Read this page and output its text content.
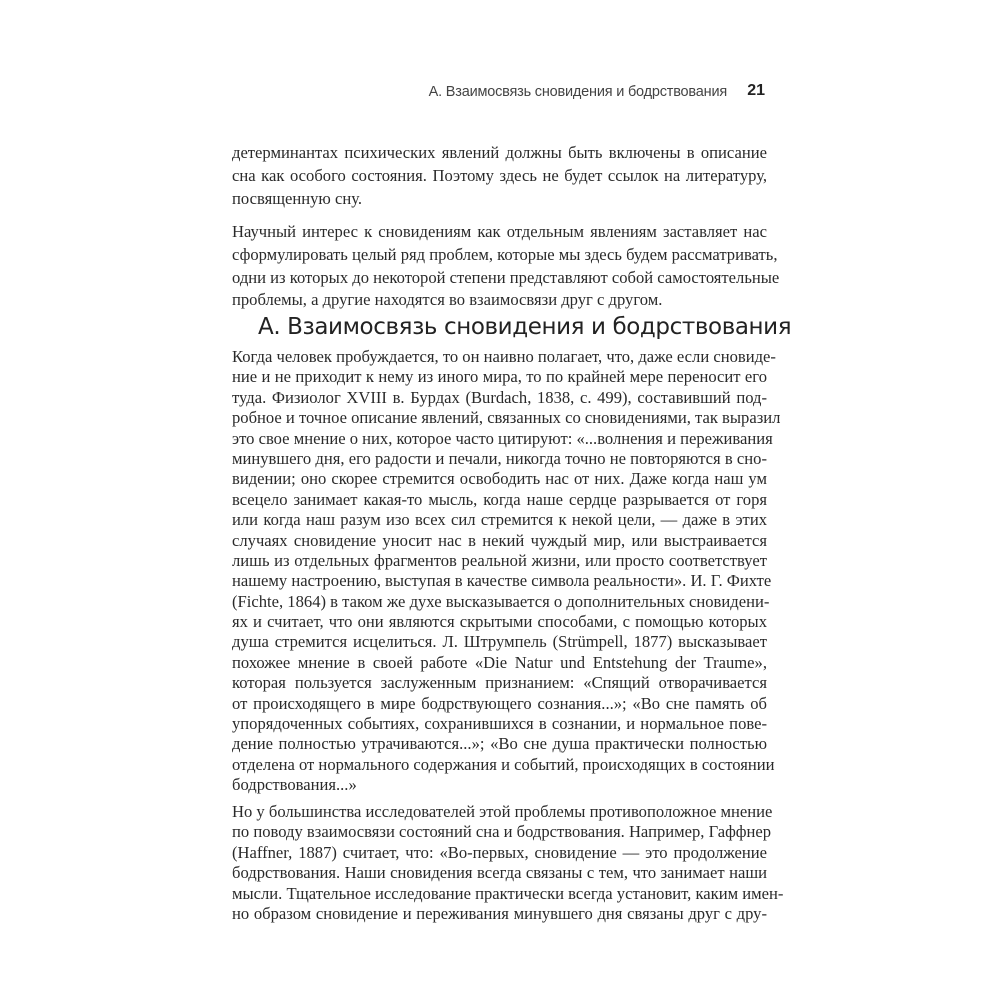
А. Взаимосвязь сновидения и бодрствования 21
детерминантах психических явлений должны быть включены в описание
сна как особого состояния. Поэтому здесь не будет ссылок на литературу,
посвященную сну.
Научный интерес к сновидениям как отдельным явлениям заставляет нас
сформулировать целый ряд проблем, которые мы здесь будем рассматривать,
одни из которых до некоторой степени представляют собой самостоятельные
проблемы, а другие находятся во взаимосвязи друг с другом.
А. Взаимосвязь сновидения и бодрствования
Когда человек пробуждается, то он наивно полагает, что, даже если сновиде-
ние и не приходит к нему из иного мира, то по крайней мере переносит его
туда. Физиолог XVIII в. Бурдах (Burdach, 1838, с. 499), составивший под-
робное и точное описание явлений, связанных со сновидениями, так выразил
это свое мнение о них, которое часто цитируют: «...волнения и переживания
минувшего дня, его радости и печали, никогда точно не повторяются в сно-
видении; оно скорее стремится освободить нас от них. Даже когда наш ум
всецело занимает какая-то мысль, когда наше сердце разрывается от горя
или когда наш разум изо всех сил стремится к некой цели, — даже в этих
случаях сновидение уносит нас в некий чуждый мир, или выстраивается
лишь из отдельных фрагментов реальной жизни, или просто соответствует
нашему настроению, выступая в качестве символа реальности». И. Г. Фихте
(Fichte, 1864) в таком же духе высказывается о дополнительных сновидени-
ях и считает, что они являются скрытыми способами, с помощью которых
душа стремится исцелиться. Л. Штрумпель (Strümpell, 1877) высказывает
похожее мнение в своей работе «Die Natur und Entstehung der Traume»,
которая пользуется заслуженным признанием: «Спящий отворачивается
от происходящего в мире бодрствующего сознания...»; «Во сне память об
упорядоченных событиях, сохранившихся в сознании, и нормальное пове-
дение полностью утрачиваются...»; «Во сне душа практически полностью
отделена от нормального содержания и событий, происходящих в состоянии
бодрствования...»
Но у большинства исследователей этой проблемы противоположное мнение
по поводу взаимосвязи состояний сна и бодрствования. Например, Гаффнер
(Haffner, 1887) считает, что: «Во-первых, сновидение — это продолжение
бодрствования. Наши сновидения всегда связаны с тем, что занимает наши
мысли. Тщательное исследование практически всегда установит, каким имен-
но образом сновидение и переживания минувшего дня связаны друг с дру-
